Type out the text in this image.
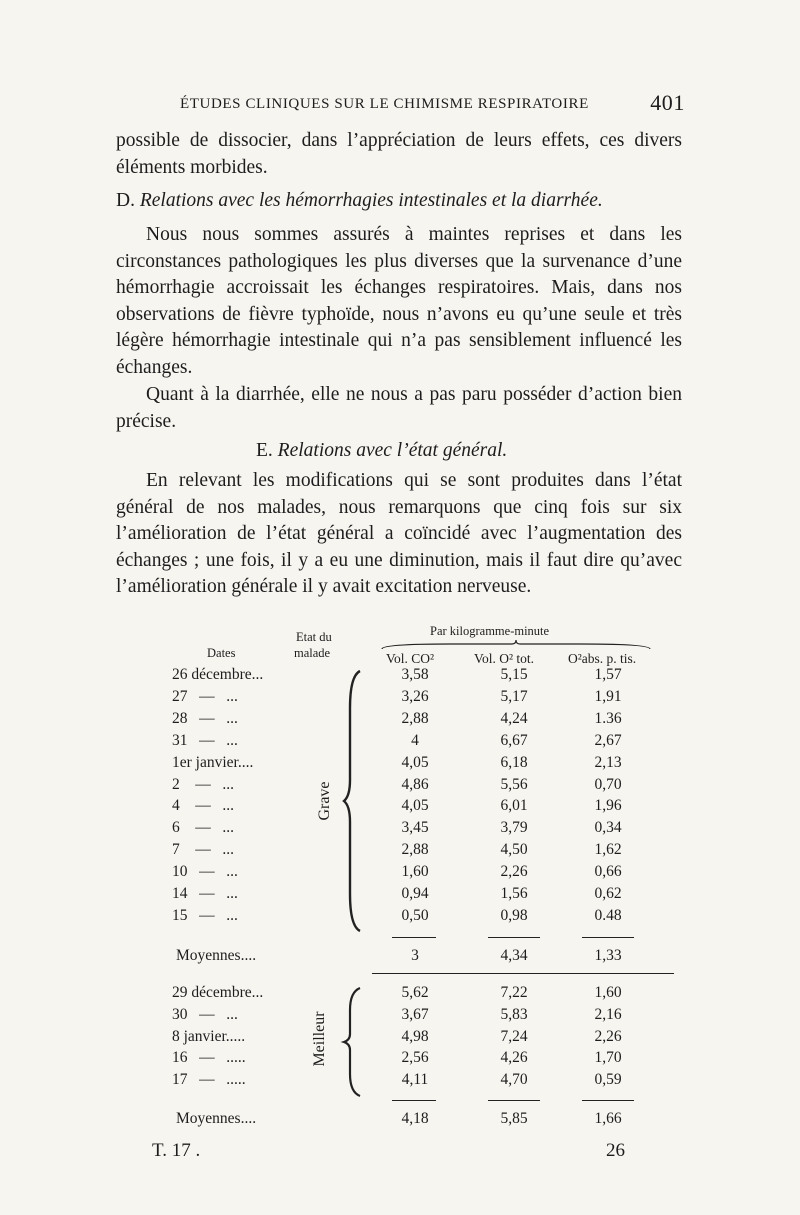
ÉTUDES CLINIQUES SUR LE CHIMISME RESPIRATOIRE	401

possible de dissocier, dans l’appréciation de leurs effets, ces divers éléments morbides.

D. Relations avec les hémorrhagies intestinales et la diarrhée.

Nous nous sommes assurés à maintes reprises et dans les circonstances pathologiques les plus diverses que la survenance d’une hémorrhagie accroissait les échanges respiratoires. Mais, dans nos observations de fièvre typhoïde, nous n’avons eu qu’une seule et très légère hémorrhagie intestinale qui n’a pas sensiblement influencé les échanges.

Quant à la diarrhée, elle ne nous a pas paru posséder d’action bien précise.

E. Relations avec l’état général.

En relevant les modifications qui se sont produites dans l’état général de nos malades, nous remarquons que cinq fois sur six l’amélioration de l’état général a coïncidé avec l’augmentation des échanges ; une fois, il y a eu une diminution, mais il faut dire qu’avec l’amélioration générale il y avait excitation nerveuse.

Dates
Etat du
malade
Par kilogramme-minute
Vol. CO²	Vol. O² tot.	O²abs. p. tis.
26 décembre...	3,58	5,15	1,57
27   —   ...	3,26	5,17	1,91
28   —   ...	2,88	4,24	1.36
31   —   ...	4	6,67	2,67
1er janvier....	4,05	6,18	2,13
2    —   ...	4,86	5,56	0,70
4    —   ...	4,05	6,01	1,96
6    —   ...	3,45	3,79	0,34
7    —   ...	2,88	4,50	1,62
10   —   ...	1,60	2,26	0,66
14   —   ...	0,94	1,56	0,62
15   —   ...	0,50	0,98	0.48
Moyennes....	3	4,34	1,33
Grave
29 décembre...	5,62	7,22	1,60
30   —   ...	3,67	5,83	2,16
8 janvier.....	4,98	7,24	2,26
16   —   .....	2,56	4,26	1,70
17   —   .....	4,11	4,70	0,59
Moyennes....	4,18	5,85	1,66
Meilleur
T. 17 .	26
